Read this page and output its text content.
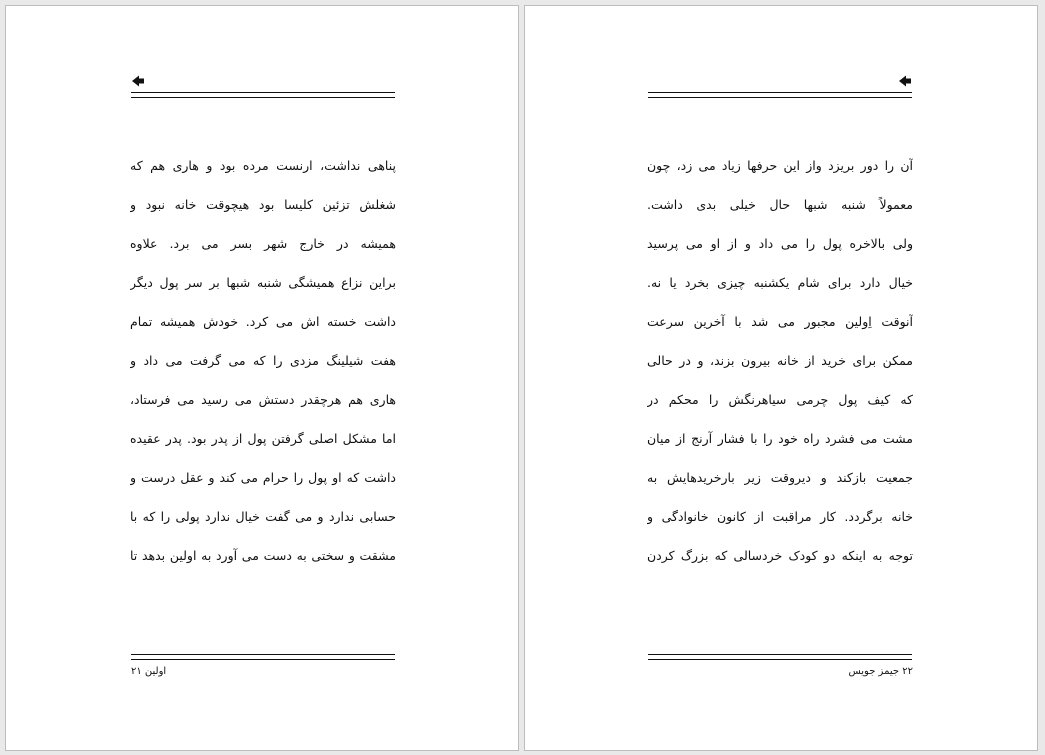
پناهی نداشت، ارنست مرده بود و هاری هم که
شغلش تزئین کلیسا بود هیچوقت خانه نبود و
همیشه در خارج شهر بسر می برد. علاوه
براین نزاع همیشگی شنبه شبها بر سر پول دیگر
داشت خسته اش می کرد. خودش همیشه تمام
هفت شیلینگ مزدی را که می گرفت می داد و
هاری هم هرچقدر دستش می رسید می فرستاد،
اما مشکل اصلی گرفتن پول از پدر بود. پدر عقیده
داشت که او پول را حرام می کند و عقل درست و
حسابی ندارد و می گفت خیال ندارد پولی را که با
مشقت و سختی به دست می آورد به اولین بدهد تا
اولین ۲۱
آن را دور بریزد واز این حرفها زیاد می زد، چون
معمولاً شنبه شبها حال خیلی بدی داشت.
ولی بالاخره پول را می داد و از او می پرسید
خیال دارد برای شام یکشنبه چیزی بخرد یا نه.
آنوقت اِولین مجبور می شد با آخرین سرعت
ممکن برای خرید از خانه بیرون بزند، و در حالی
که کیف پول چرمی سیاهرنگش را محکم در
مشت می فشرد راه خود را با فشار آرنج از میان
جمعیت بازکند و دیروقت زیر بارخریدهایش به
خانه برگردد. کار مراقبت از کانون خانوادگی و
توجه به اینکه دو کودک خردسالی که بزرگ کردن
۲۲ جیمز جویس
